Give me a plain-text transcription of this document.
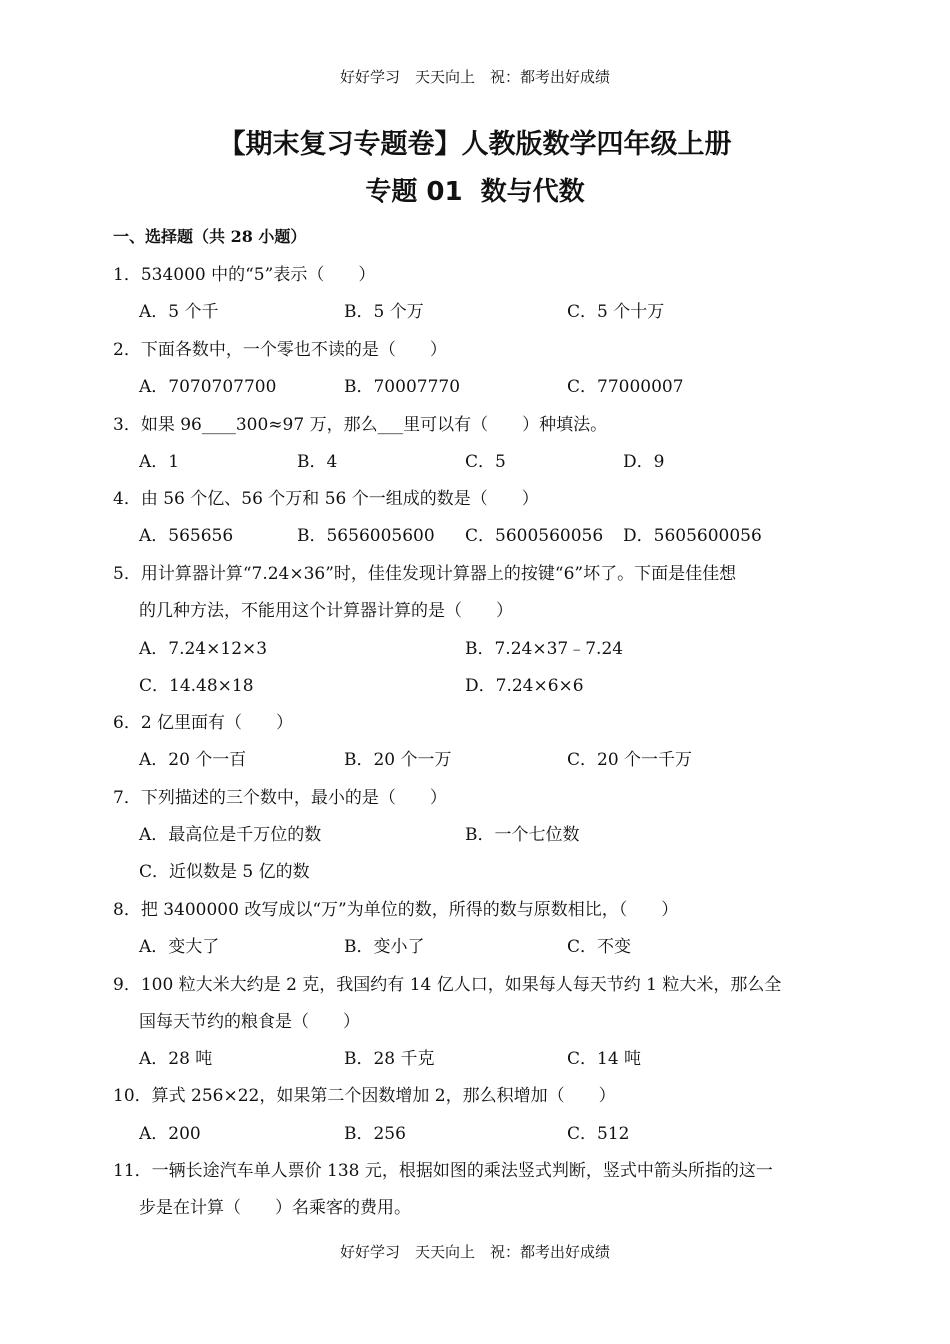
好好学习　天天向上　祝：都考出好成绩
【期末复习专题卷】人教版数学四年级上册
专题 01  数与代数
一、选择题（共 28 小题）
1．534000 中的“5”表示（　　）
A．5 个千	B．5 个万	C．5 个十万
2．下面各数中，一个零也不读的是（　　）
A．7070707700	B．70007770	C．77000007
3．如果 96____300≈97 万，那么___里可以有（　　）种填法。
A．1	B．4	C．5	D．9
4．由 56 个亿、56 个万和 56 个一组成的数是（　　）
A．565656	B．5656005600 C．5600560056 D．5605600056
5．用计算器计算“7.24×36”时，佳佳发现计算器上的按键“6”坏了。下面是佳佳想
的几种方法，不能用这个计算器计算的是（　　）
A．7.24×12×3	B．7.24×37﹣7.24
C．14.48×18	D．7.24×6×6
6．2 亿里面有（　　）
A．20 个一百	B．20 个一万	C．20 个一千万
7．下列描述的三个数中，最小的是（　　）
A．最高位是千万位的数	B．一个七位数
C．近似数是 5 亿的数
8．把 3400000 改写成以“万”为单位的数，所得的数与原数相比，（　　）
A．变大了	B．变小了	C．不变
9．100 粒大米大约是 2 克，我国约有 14 亿人口，如果每人每天节约 1 粒大米，那么全
国每天节约的粮食是（　　）
A．28 吨	B．28 千克	C．14 吨
10．算式 256×22，如果第二个因数增加 2，那么积增加（　　）
A．200	B．256	C．512
11．一辆长途汽车单人票价 138 元，根据如图的乘法竖式判断，竖式中箭头所指的这一
步是在计算（　　）名乘客的费用。
好好学习　天天向上　祝：都考出好成绩
